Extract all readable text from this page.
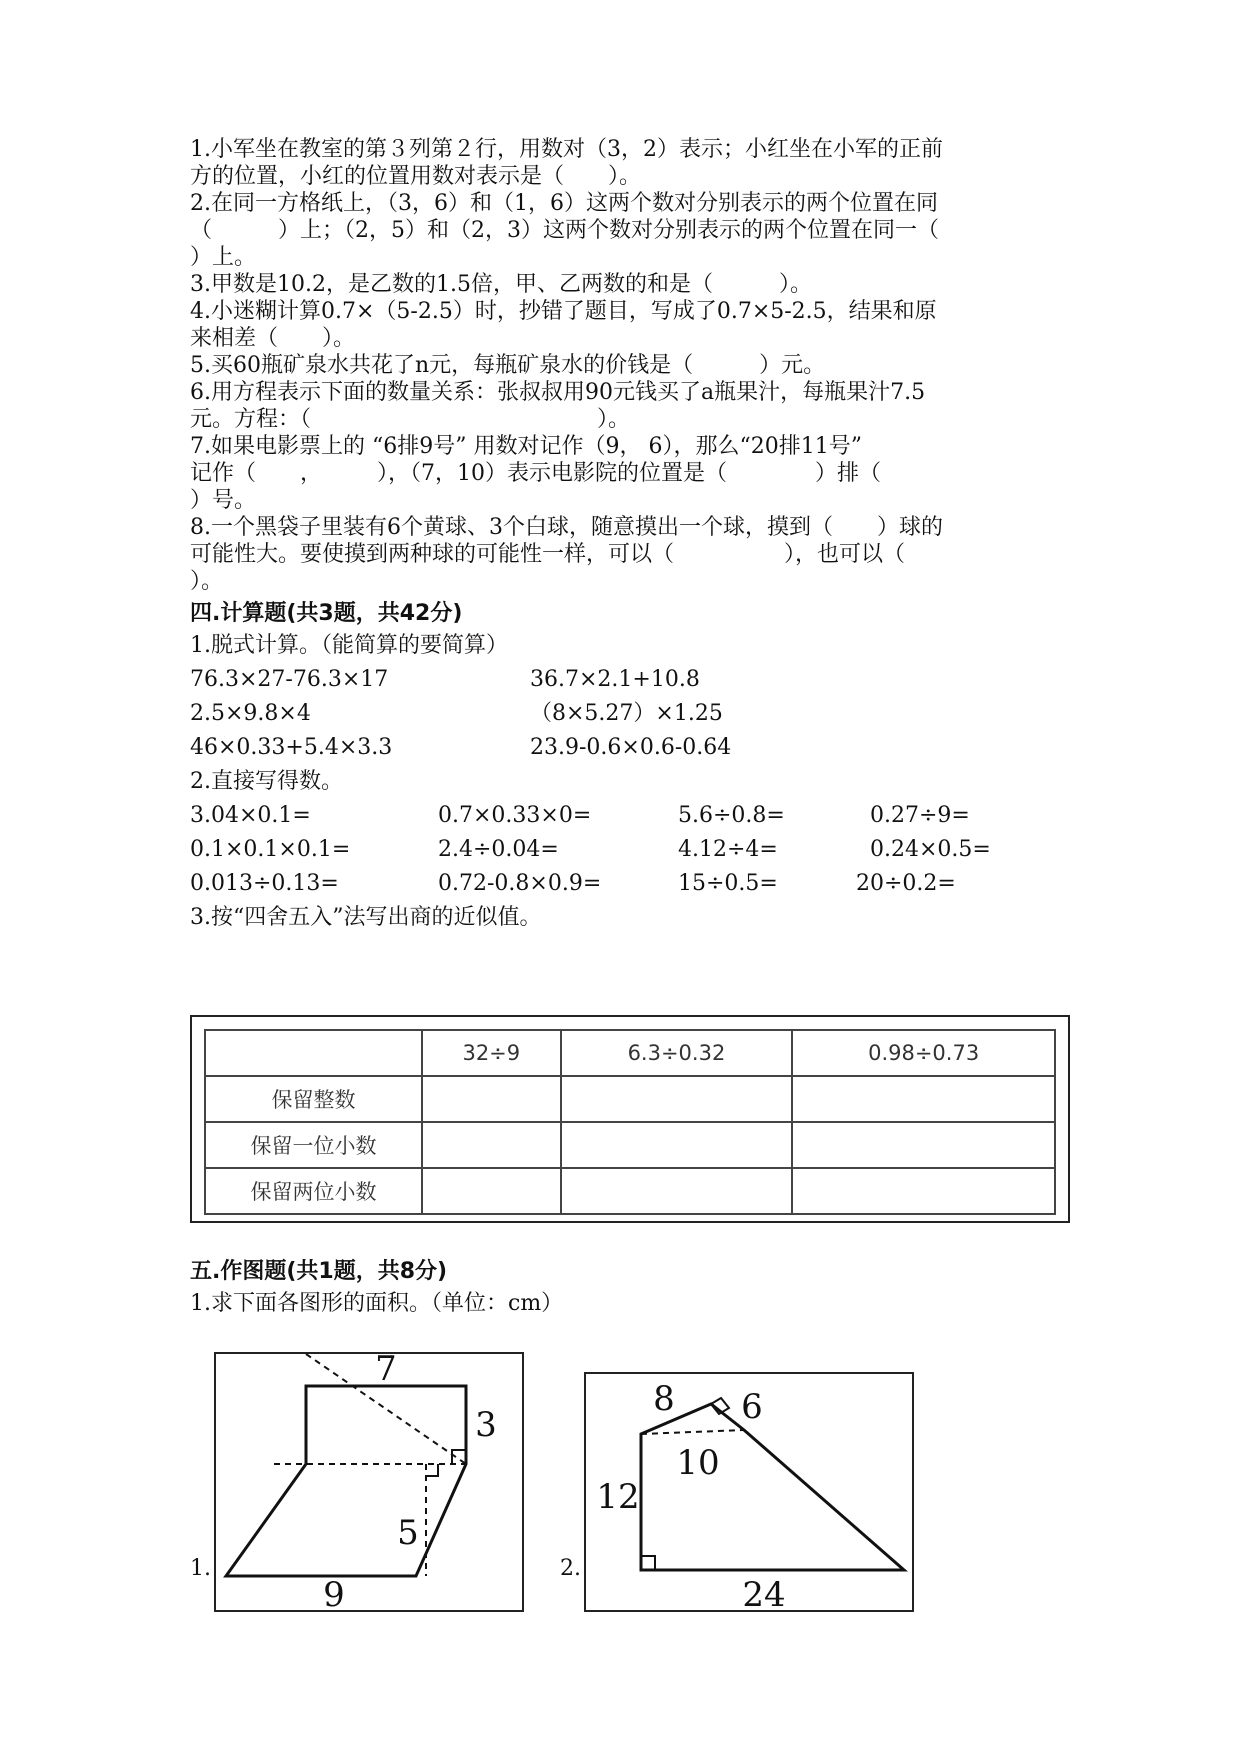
1.小军坐在教室的第３列第２行，用数对（3，2）表示；小红坐在小军的正前
方的位置，小红的位置用数对表示是（　　）。
2.在同一方格纸上，（3，6）和（1，6）这两个数对分别表示的两个位置在同
（　　　）上；（2，5）和（2，3）这两个数对分别表示的两个位置在同一（
）上。
3.甲数是10.2，是乙数的1.5倍，甲、乙两数的和是（　　　）。
4.小迷糊计算0.7×（5-2.5）时，抄错了题目，写成了0.7×5-2.5，结果和原
来相差（　　）。
5.买60瓶矿泉水共花了n元，每瓶矿泉水的价钱是（　　　）元。
6.用方程表示下面的数量关系：张叔叔用90元钱买了a瓶果汁，每瓶果汁7.5
元。方程：（　　　　　　　　　　　　　）。
7.如果电影票上的 “6排9号” 用数对记作（9， 6），那么“20排11号”
记作（　　，　　　），（7，10）表示电影院的位置是（　　　　）排（
）号。
8.一个黑袋子里装有6个黄球、3个白球，随意摸出一个球，摸到（　　）球的
可能性大。要使摸到两种球的可能性一样，可以（　　　　　），也可以（
）。
四.计算题(共3题，共42分)
1.脱式计算。（能简算的要简算）
76.3×27-76.3×17	36.7×2.1+10.8
2.5×9.8×4	（8×5.27）×1.25
46×0.33+5.4×3.3	23.9-0.6×0.6-0.64
2.直接写得数。
3.04×0.1=	0.7×0.33×0=	5.6÷0.8=	0.27÷9=
0.1×0.1×0.1=	2.4÷0.04=	4.12÷4=	0.24×0.5=
0.013÷0.13=	0.72-0.8×0.9=	15÷0.5=	20÷0.2=
3.按“四舍五入”法写出商的近似值。
	32÷9	6.3÷0.32	0.98÷0.73
保留整数			
保留一位小数			
保留两位小数			
五.作图题(共1题，共8分)
1.求下面各图形的面积。（单位：cm）
7
3
5
9
1.
8 6
10
12
24
2.
